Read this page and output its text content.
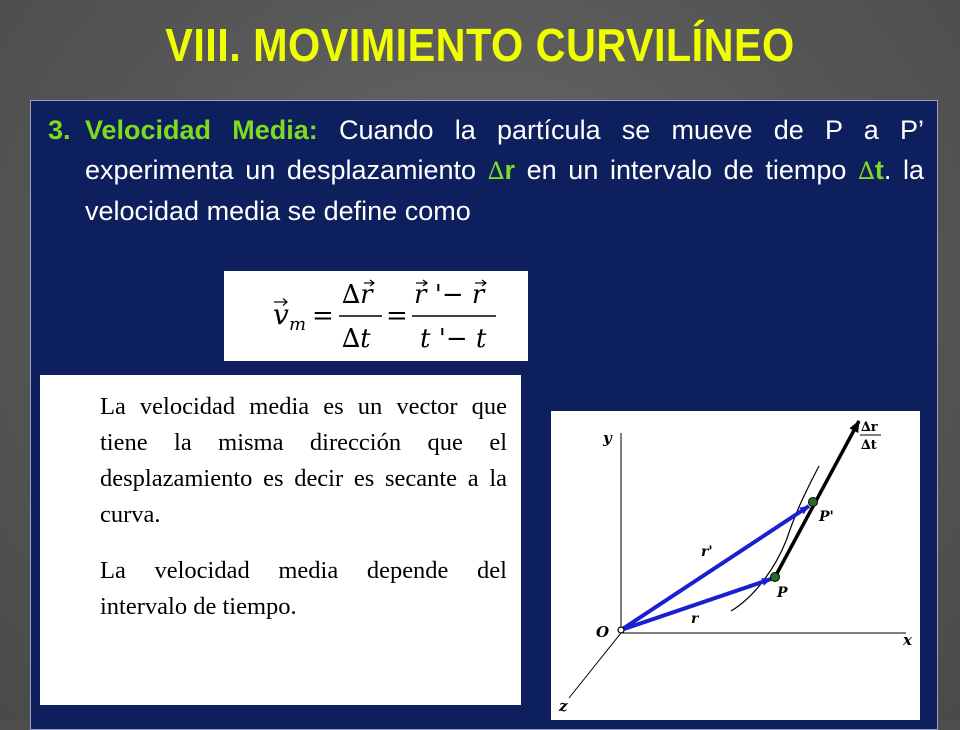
VIII. MOVIMIENTO CURVILÍNEO
3. Velocidad Media: Cuando la partícula se mueve de P a P’ experimenta un desplazamiento ∆r en un intervalo de tiempo ∆t. la velocidad media se define como
v m =
∆r
∆t
=
r '− r
t '− t

La velocidad media es un vector que tiene la misma dirección que el desplazamiento es decir es secante a la curva.

La velocidad media depende del intervalo de tiempo.

y
x
z
O
P
P'
r
r'
∆r
∆t
